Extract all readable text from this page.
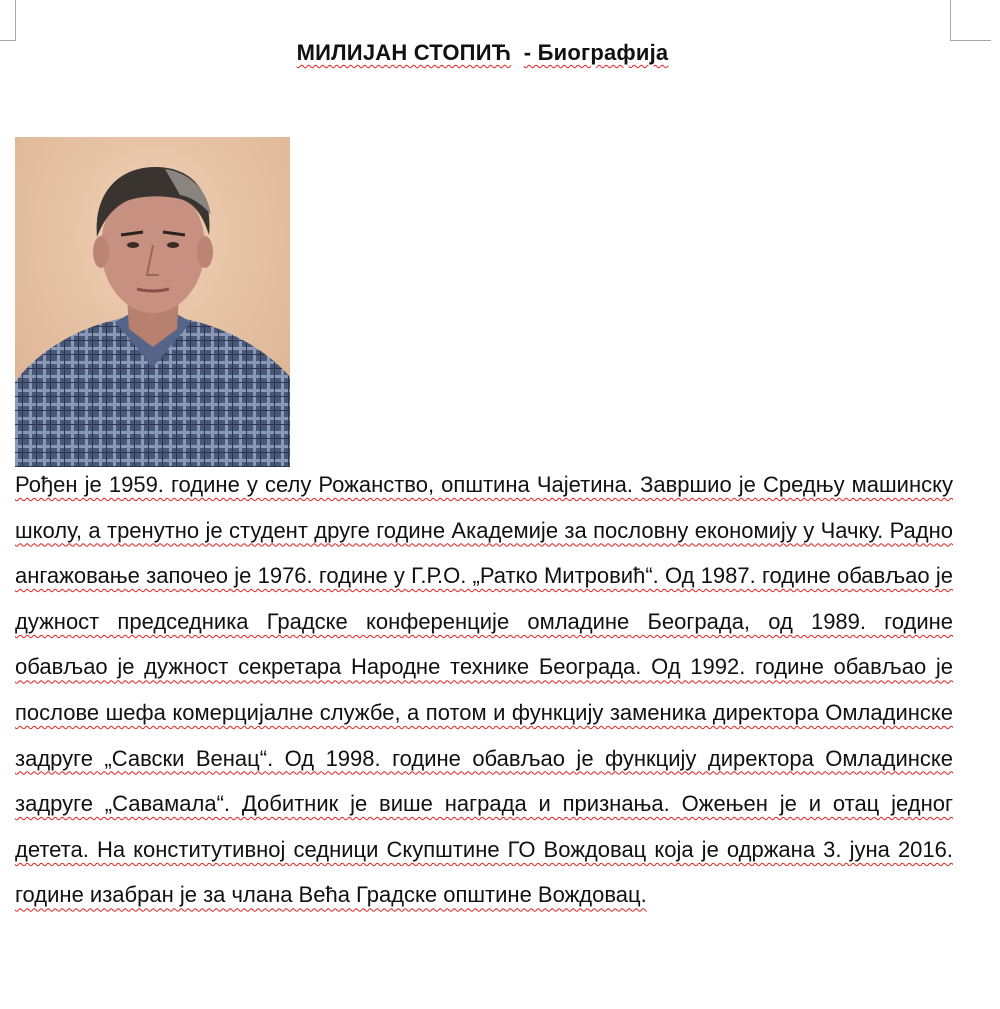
МИЛИЈАН СТОПИЋ - Биографија

Рођен је 1959. године у селу Рожанство, општина Чајетина. Завршио је Средњу машинску школу, а тренутно је студент друге године Академије за пословну економију у Чачку. Радно ангажовање започео је 1976. године у Г.Р.О. „Ратко Митровић“. Од 1987. године обављао је дужност председника Градске конференције омладине Београда, од 1989. године обављао је дужност секретара Народне технике Београда. Од 1992. године обављао је послове шефа комерцијалне службе, а потом и функцију заменика директора Омладинске задруге „Савски Венац“. Од 1998. године обављао је функцију директора Омладинске задруге „Савамала“. Добитник је више награда и признања. Ожењен је и отац једног детета. На конститутивној седници Скупштине ГО Вождовац која је одржана 3. јуна 2016. године изабран је за члана Већа Градске општине Вождовац.
